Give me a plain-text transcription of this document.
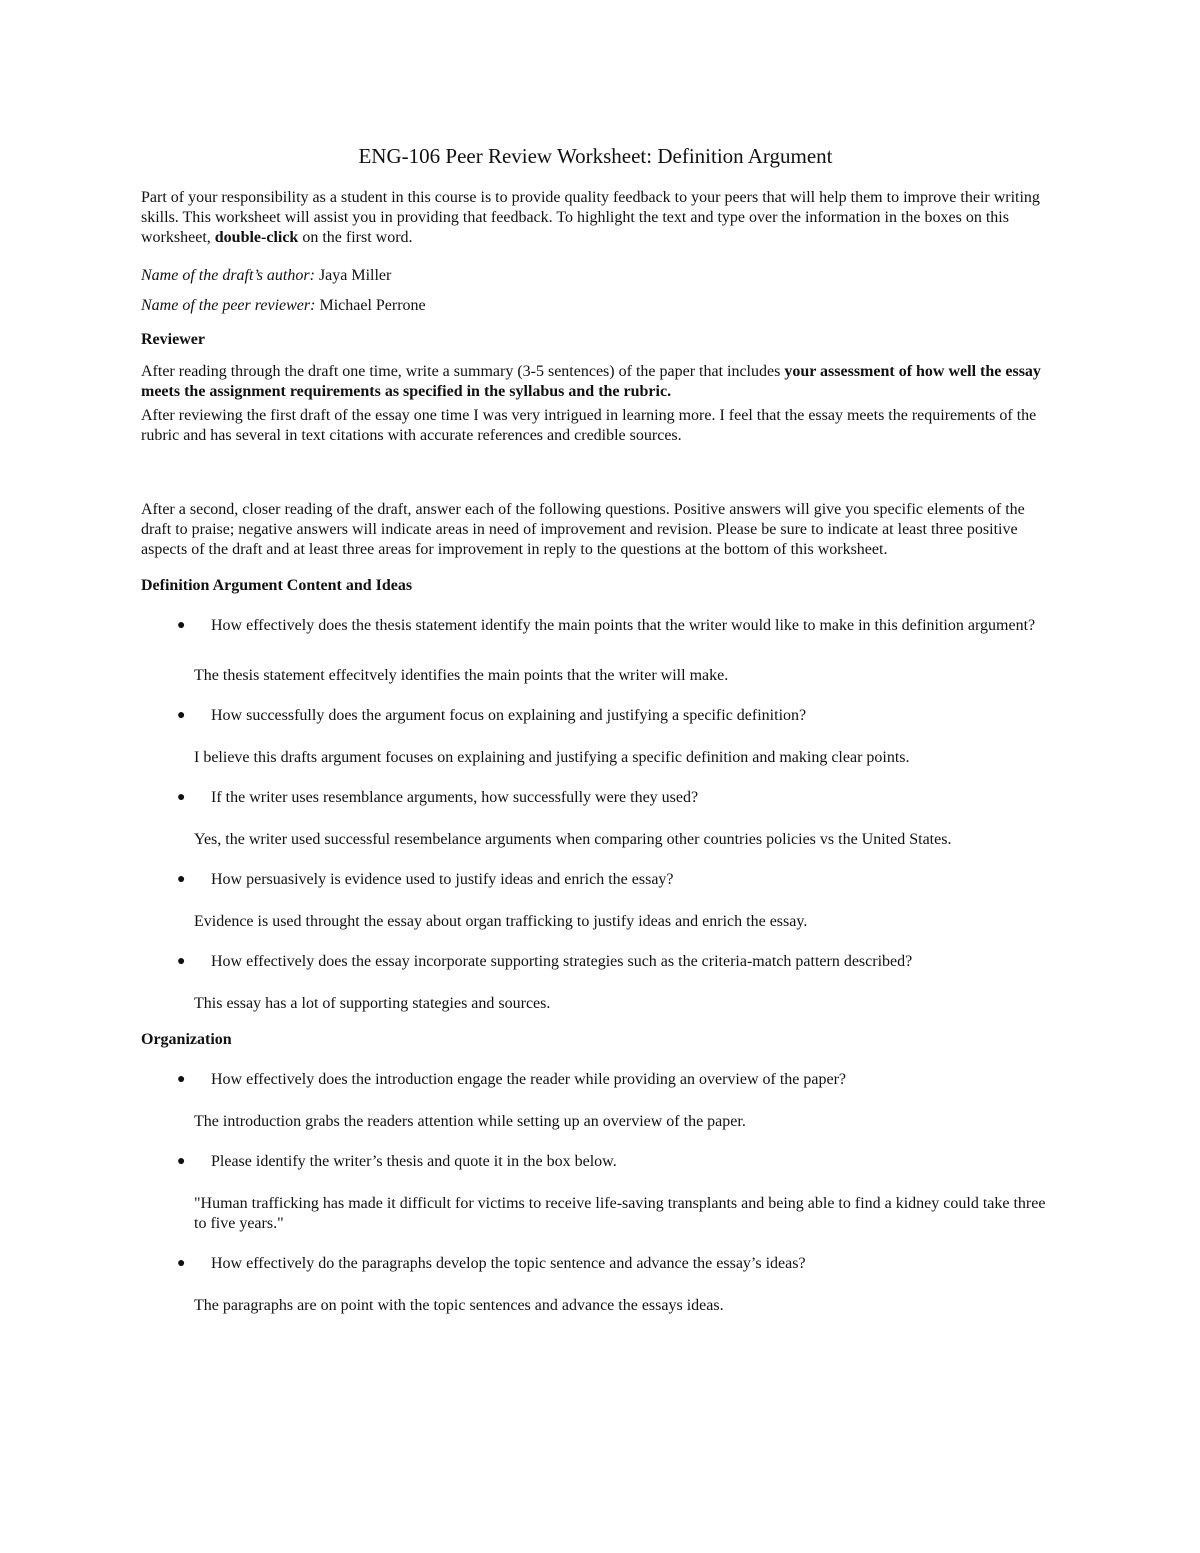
ENG-106 Peer Review Worksheet: Definition Argument

Part of your responsibility as a student in this course is to provide quality feedback to your peers that will help them to improve their writing skills. This worksheet will assist you in providing that feedback. To highlight the text and type over the information in the boxes on this worksheet, double-click on the first word.

Name of the draft’s author: Jaya Miller

Name of the peer reviewer: Michael Perrone

Reviewer

After reading through the draft one time, write a summary (3-5 sentences) of the paper that includes your assessment of how well the essay meets the assignment requirements as specified in the syllabus and the rubric.

After reviewing the first draft of the essay one time I was very intrigued in learning more. I feel that the essay meets the requirements of the rubric and has several in text citations with accurate references and credible sources.

After a second, closer reading of the draft, answer each of the following questions. Positive answers will give you specific elements of the draft to praise; negative answers will indicate areas in need of improvement and revision. Please be sure to indicate at least three positive aspects of the draft and at least three areas for improvement in reply to the questions at the bottom of this worksheet.

Definition Argument Content and Ideas
●	How effectively does the thesis statement identify the main points that the writer would like to make in this definition argument?

The thesis statement effecitvely identifies the main points that the writer will make.

●	How successfully does the argument focus on explaining and justifying a specific definition?

I believe this drafts argument focuses on explaining and justifying a specific definition and making clear points.

●	If the writer uses resemblance arguments, how successfully were they used?

Yes, the writer used successful resembelance arguments when comparing other countries policies vs the United States.

●	How persuasively is evidence used to justify ideas and enrich the essay?

Evidence is used throught the essay about organ trafficking to justify ideas and enrich the essay.

●	How effectively does the essay incorporate supporting strategies such as the criteria-match pattern described?

This essay has a lot of supporting stategies and sources.

Organization
●	How effectively does the introduction engage the reader while providing an overview of the paper?

The introduction grabs the readers attention while setting up an overview of the paper.

●	Please identify the writer’s thesis and quote it in the box below.

"Human trafficking has made it difficult for victims to receive life-saving transplants and being able to find a kidney could take three to five years."

●	How effectively do the paragraphs develop the topic sentence and advance the essay’s ideas?

The paragraphs are on point with the topic sentences and advance the essays ideas.
